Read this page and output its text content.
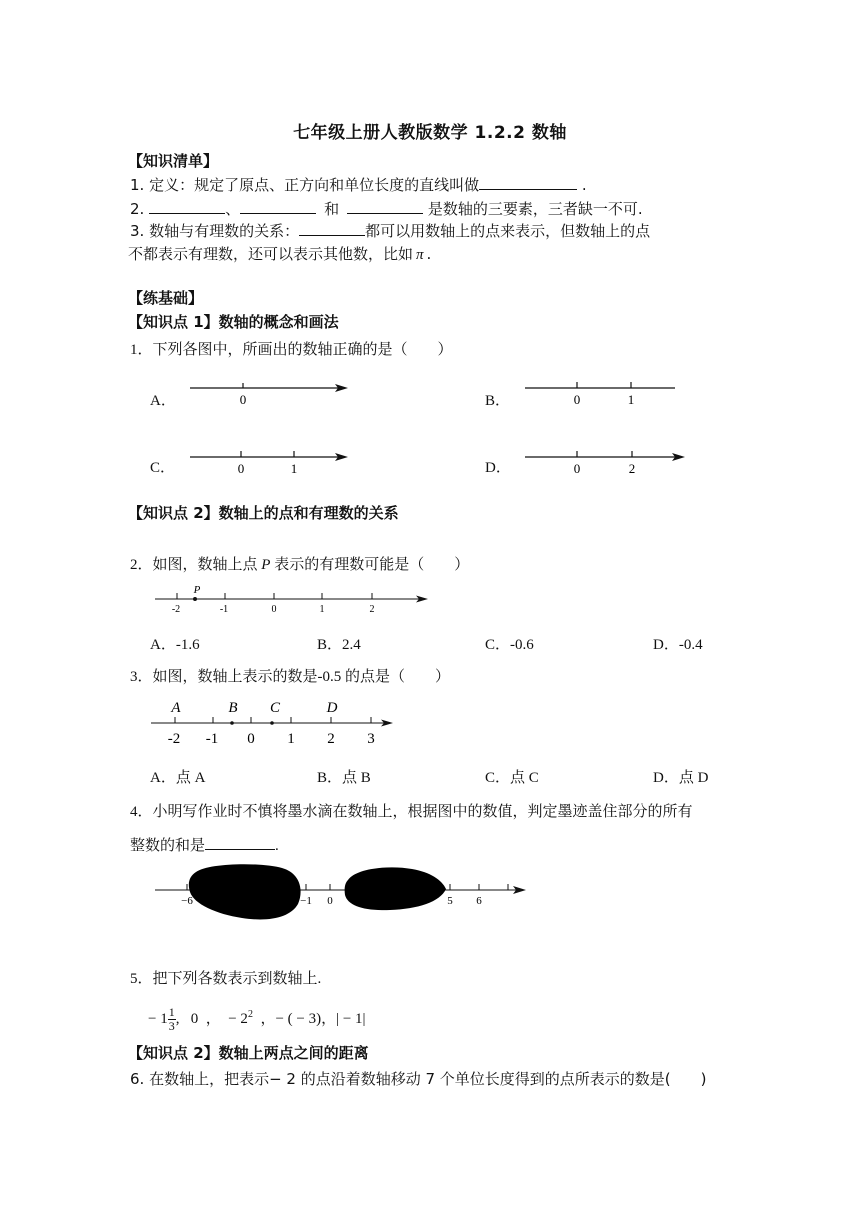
七年级上册人教版数学 1.2.2 数轴
【知识清单】
1. 定义：规定了原点、正方向和单位长度的直线叫做	.
2.	、	和	是数轴的三要素，三者缺一不可.
3. 数轴与有理数的关系：	都可以用数轴上的点来表示，但数轴上的点
不都表示有理数，还可以表示其他数，比如 π .
【练基础】
【知识点 1】数轴的概念和画法
1．下列各图中，所画出的数轴正确的是（　　）
A．	0	B．	0	1
C．	0	1	D．	0	2
【知识点 2】数轴上的点和有理数的关系
2．如图，数轴上点 P 表示的有理数可能是（　　）
P
-2	-1	0	1	2
A．-1.6	B．2.4	C．-0.6	D．-0.4
3．如图，数轴上表示的数是-0.5 的点是（　　）
A	B C	D
-2 -1 0 1 2 3
A．点 A	B．点 B	C．点 C	D．点 D
4．小明写作业时不慎将墨水滴在数轴上，根据图中的数值，判定墨迹盖住部分的所有
整数的和是	.
−6	−1 0	5 6
5．把下列各数表示到数轴上.
− $1 \frac{1}{3}$ ,   0  ，  − $2^2$  ，− ( − 3)，| − 1|
【知识点 2】数轴上两点之间的距离
6. 在数轴上，把表示− 2 的点沿着数轴移动 7 个单位长度得到的点所表示的数是(　　)
